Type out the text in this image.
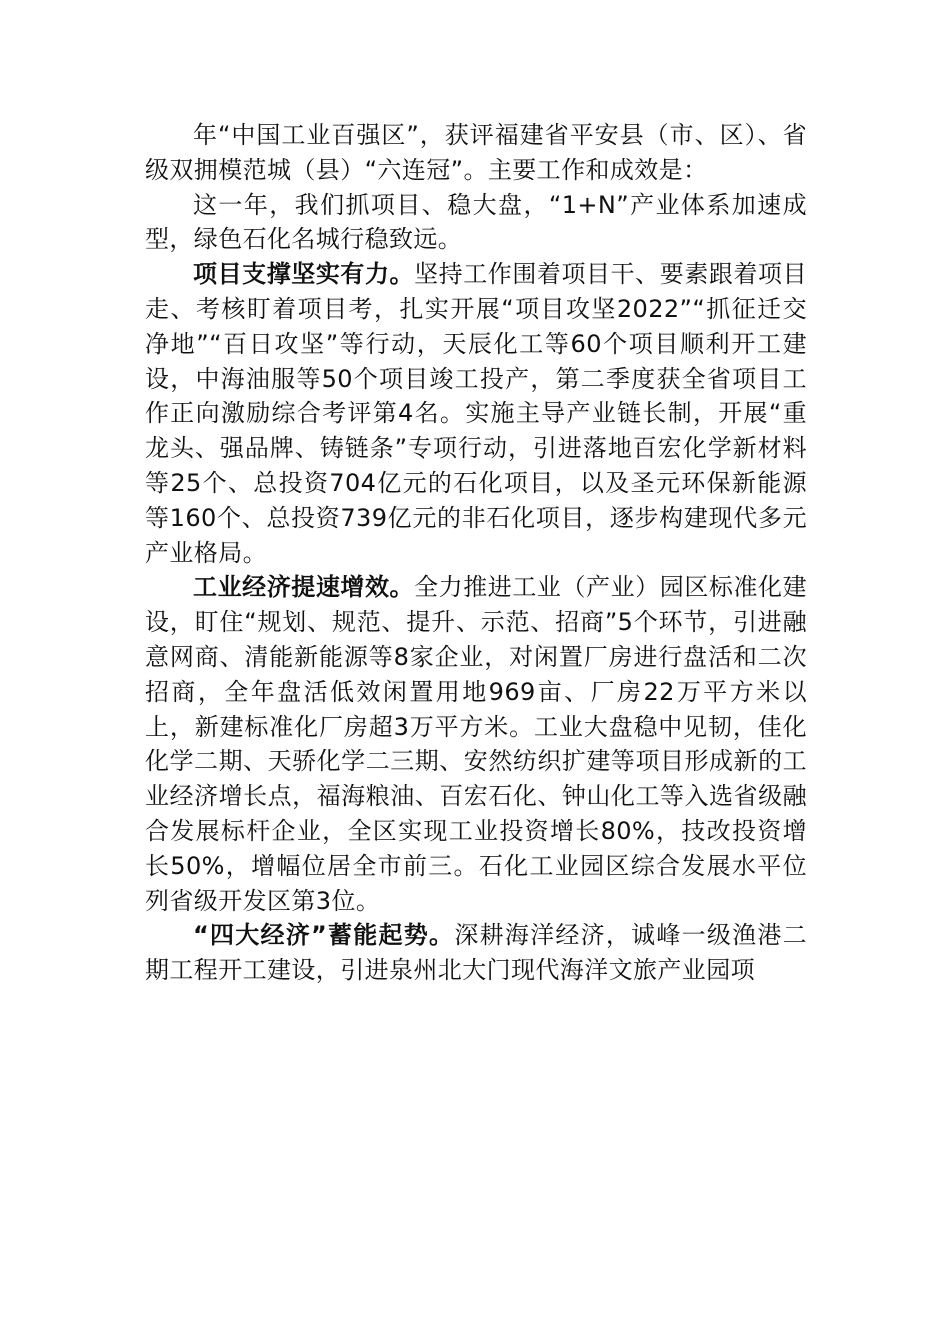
年“中国工业百强区”，获评福建省平安县（市、区）、省级双拥模范城（县）“六连冠”。主要工作和成效是：

这一年，我们抓项目、稳大盘，“1+N”产业体系加速成型，绿色石化名城行稳致远。

项目支撑坚实有力。坚持工作围着项目干、要素跟着项目走、考核盯着项目考，扎实开展“项目攻坚2022”“抓征迁交净地”“百日攻坚”等行动，天辰化工等60个项目顺利开工建设，中海油服等50个项目竣工投产，第二季度获全省项目工作正向激励综合考评第4名。实施主导产业链长制，开展“重龙头、强品牌、铸链条”专项行动，引进落地百宏化学新材料等25个、总投资704亿元的石化项目，以及圣元环保新能源等160个、总投资739亿元的非石化项目，逐步构建现代多元产业格局。

工业经济提速增效。全力推进工业（产业）园区标准化建设，盯住“规划、规范、提升、示范、招商”5个环节，引进融意网商、清能新能源等8家企业，对闲置厂房进行盘活和二次招商，全年盘活低效闲置用地969亩、厂房22万平方米以上，新建标准化厂房超3万平方米。工业大盘稳中见韧，佳化化学二期、天骄化学二三期、安然纺织扩建等项目形成新的工业经济增长点，福海粮油、百宏石化、钟山化工等入选省级融合发展标杆企业，全区实现工业投资增长80%，技改投资增长50%，增幅位居全市前三。石化工业园区综合发展水平位列省级开发区第3位。

“四大经济”蓄能起势。深耕海洋经济，诚峰一级渔港二期工程开工建设，引进泉州北大门现代海洋文旅产业园项
